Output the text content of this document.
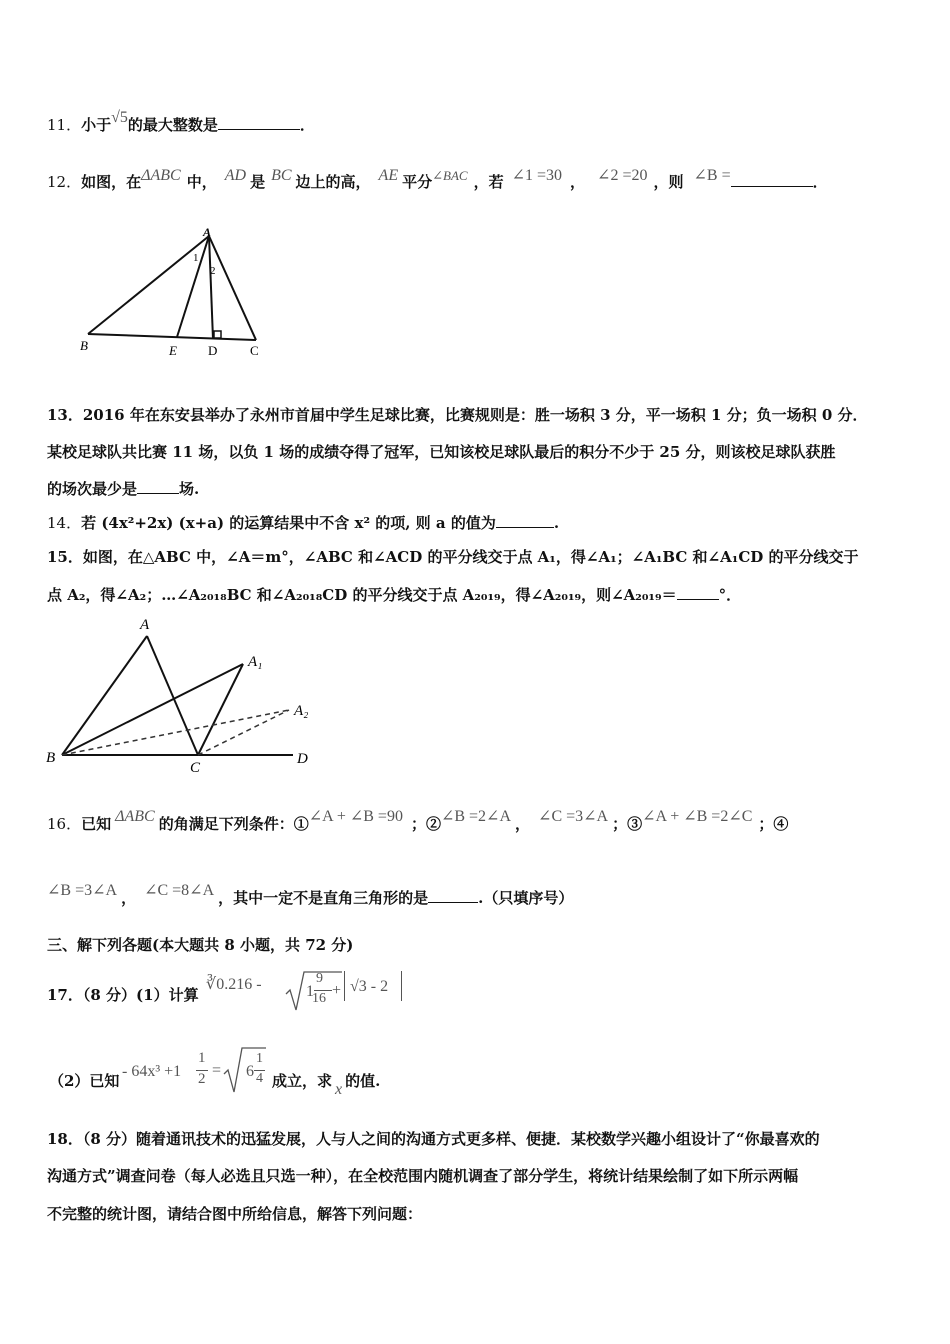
11．小于√5的最大整数是	．
12．如图，在ΔABC 中， AD 是 BC 边上的高， AE 平分∠BAC ，若 ∠1 =30 ， ∠2 =20 ，则 ∠B =	．
A
B	E D	C
1
2
13．2016 年在东安县举办了永州市首届中学生足球比赛，比赛规则是：胜一场积 3 分，平一场积 1 分；负一场积 0 分．
某校足球队共比赛 11 场，以负 1 场的成绩夺得了冠军，已知该校足球队最后的积分不少于 25 分，则该校足球队获胜
的场次最少是	场.
14．若 (4x²+2x) (x+a) 的运算结果中不含 x² 的项, 则 a 的值为	.
15．如图，在△ABC 中，∠A＝m°，∠ABC 和∠ACD 的平分线交于点 A₁，得∠A₁；∠A₁BC 和∠A₁CD 的平分线交于
点 A₂，得∠A₂；…∠A₂₀₁₈BC 和∠A₂₀₁₈CD 的平分线交于点 A₂₀₁₉，得∠A₂₀₁₉，则∠A₂₀₁₉＝	°．
A
A₁
A₂
B
C
D
16．已知 ΔABC 的角满足下列条件：①∠A + ∠B =90 ；②∠B =2∠A ， ∠C =3∠A ；③∠A + ∠B =2∠C ；④
∠B =3∠A ， ∠C =8∠A ，其中一定不是直角三角形的是	.（只填序号）
三、解下列各题(本大题共 8 小题，共 72 分)
17．（8 分）(1）计算
∛0.216 -	1
9
16 + √3 - 2
（2）已知
- 64x³ +1
1
2 = 6
1
4 成立，求 x 的值.
18．（8 分）随着通讯技术的迅猛发展，人与人之间的沟通方式更多样、便捷．某校数学兴趣小组设计了“你最喜欢的
沟通方式”调查问卷（每人必选且只选一种），在全校范围内随机调查了部分学生，将统计结果绘制了如下所示两幅
不完整的统计图，请结合图中所给信息，解答下列问题：
